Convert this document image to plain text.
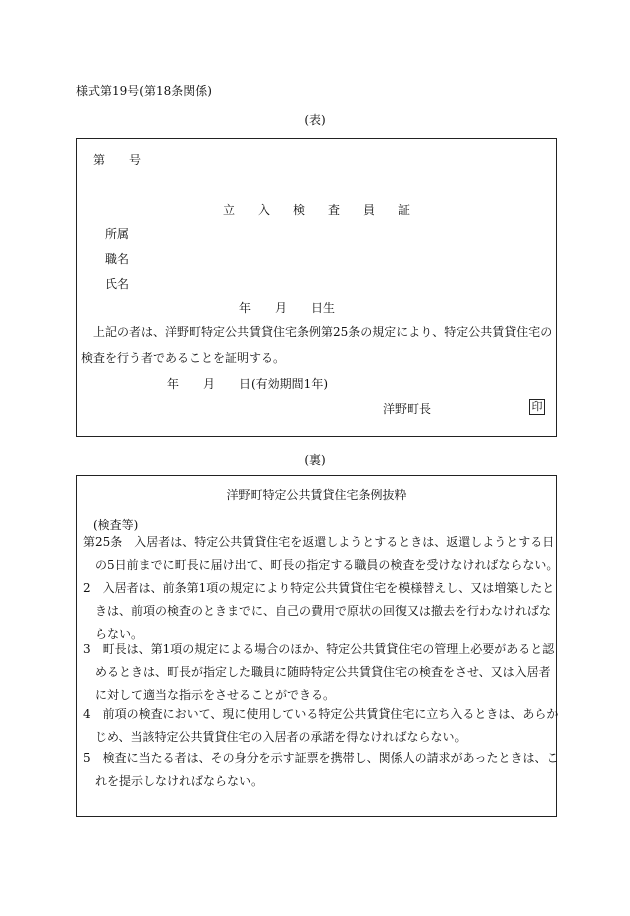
様式第19号(第18条関係)
(表)
第　　号
立入検査員証
所属
職名
氏名
年　　月　　日生
上記の者は、洋野町特定公共賃貸住宅条例第25条の規定により、特定公共賃貸住宅の検査を行う者であることを証明する。
年　　月　　日(有効期間1年)
洋野町長	印
(裏)
洋野町特定公共賃貸住宅条例抜粋
(検査等)
第25条　入居者は、特定公共賃貸住宅を返還しようとするときは、返還しようとする日の5日前までに町長に届け出て、町長の指定する職員の検査を受けなければならない。
2　入居者は、前条第1項の規定により特定公共賃貸住宅を模様替えし、又は増築したときは、前項の検査のときまでに、自己の費用で原状の回復又は撤去を行わなければならない。
3　町長は、第1項の規定による場合のほか、特定公共賃貸住宅の管理上必要があると認めるときは、町長が指定した職員に随時特定公共賃貸住宅の検査をさせ、又は入居者に対して適当な指示をさせることができる。
4　前項の検査において、現に使用している特定公共賃貸住宅に立ち入るときは、あらかじめ、当該特定公共賃貸住宅の入居者の承諾を得なければならない。
5　検査に当たる者は、その身分を示す証票を携帯し、関係人の請求があったときは、これを提示しなければならない。
